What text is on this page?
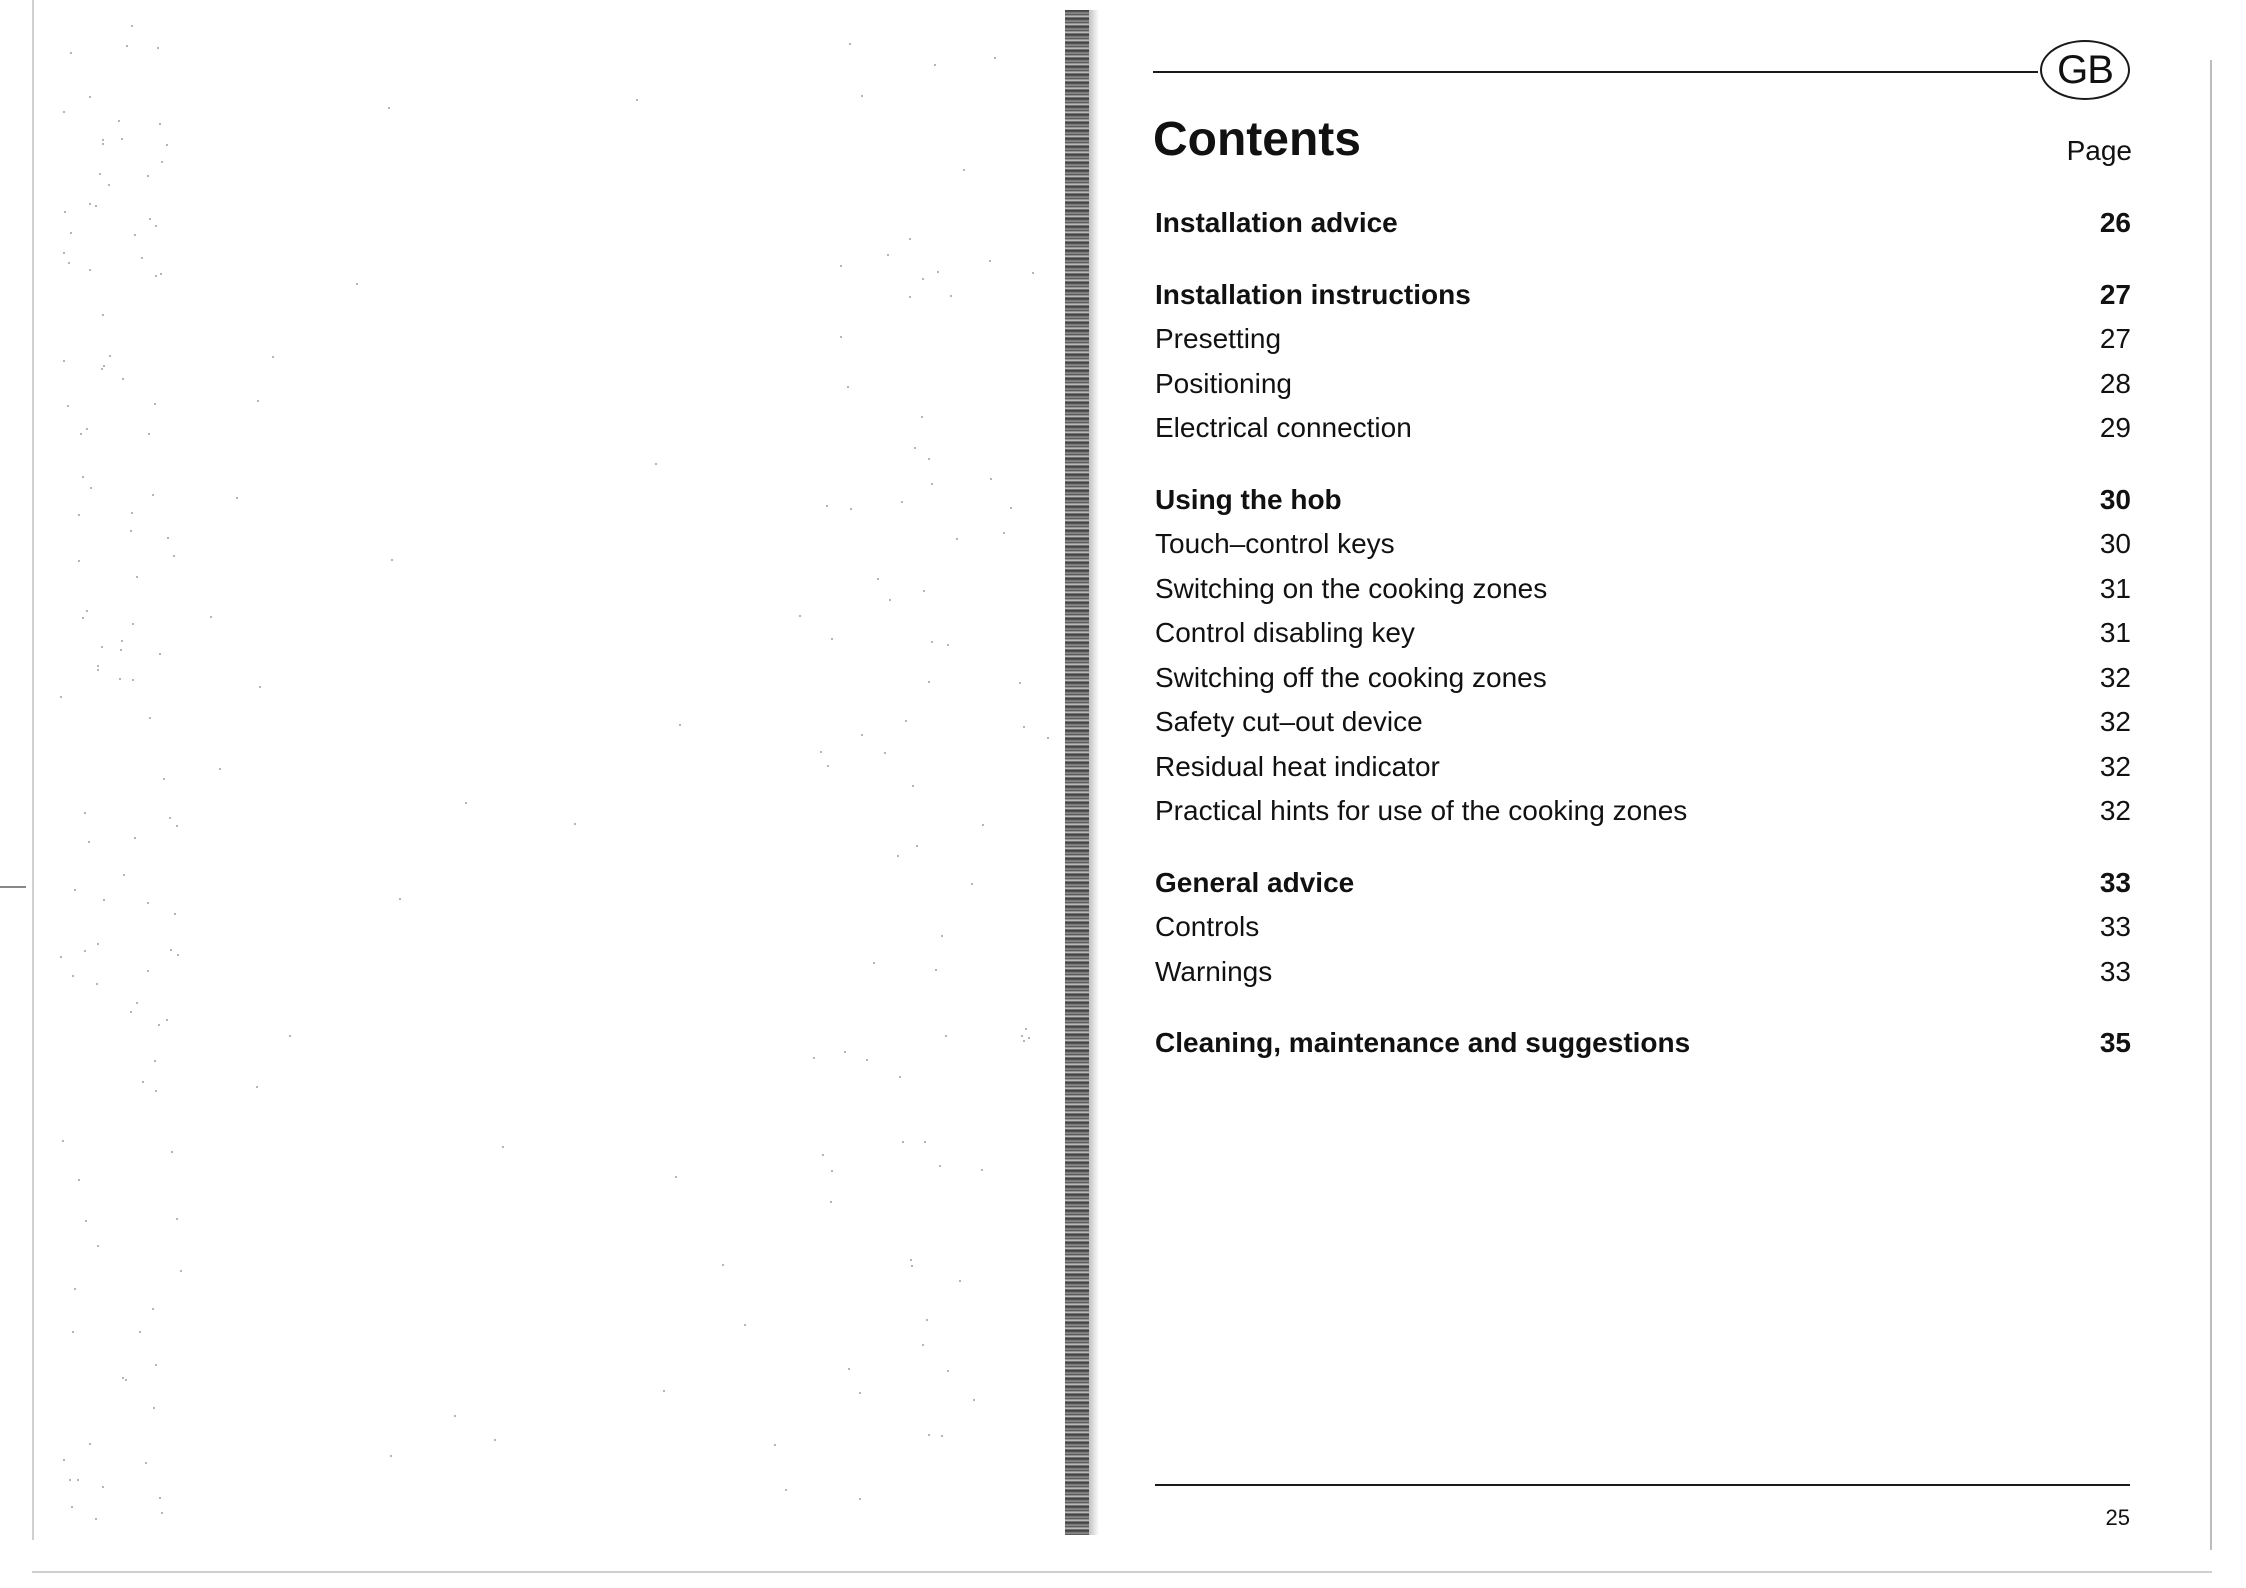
GB
Contents	Page
Installation advice	26
Installation instructions	27
Presetting	27
Positioning	28
Electrical connection	29
Using the hob	30
Touch–control keys	30
Switching on the cooking zones	31
Control disabling key	31
Switching off the cooking zones	32
Safety cut–out device	32
Residual heat indicator	32
Practical hints for use of the cooking zones	32
General advice	33
Controls	33
Warnings	33
Cleaning, maintenance and suggestions	35
25
